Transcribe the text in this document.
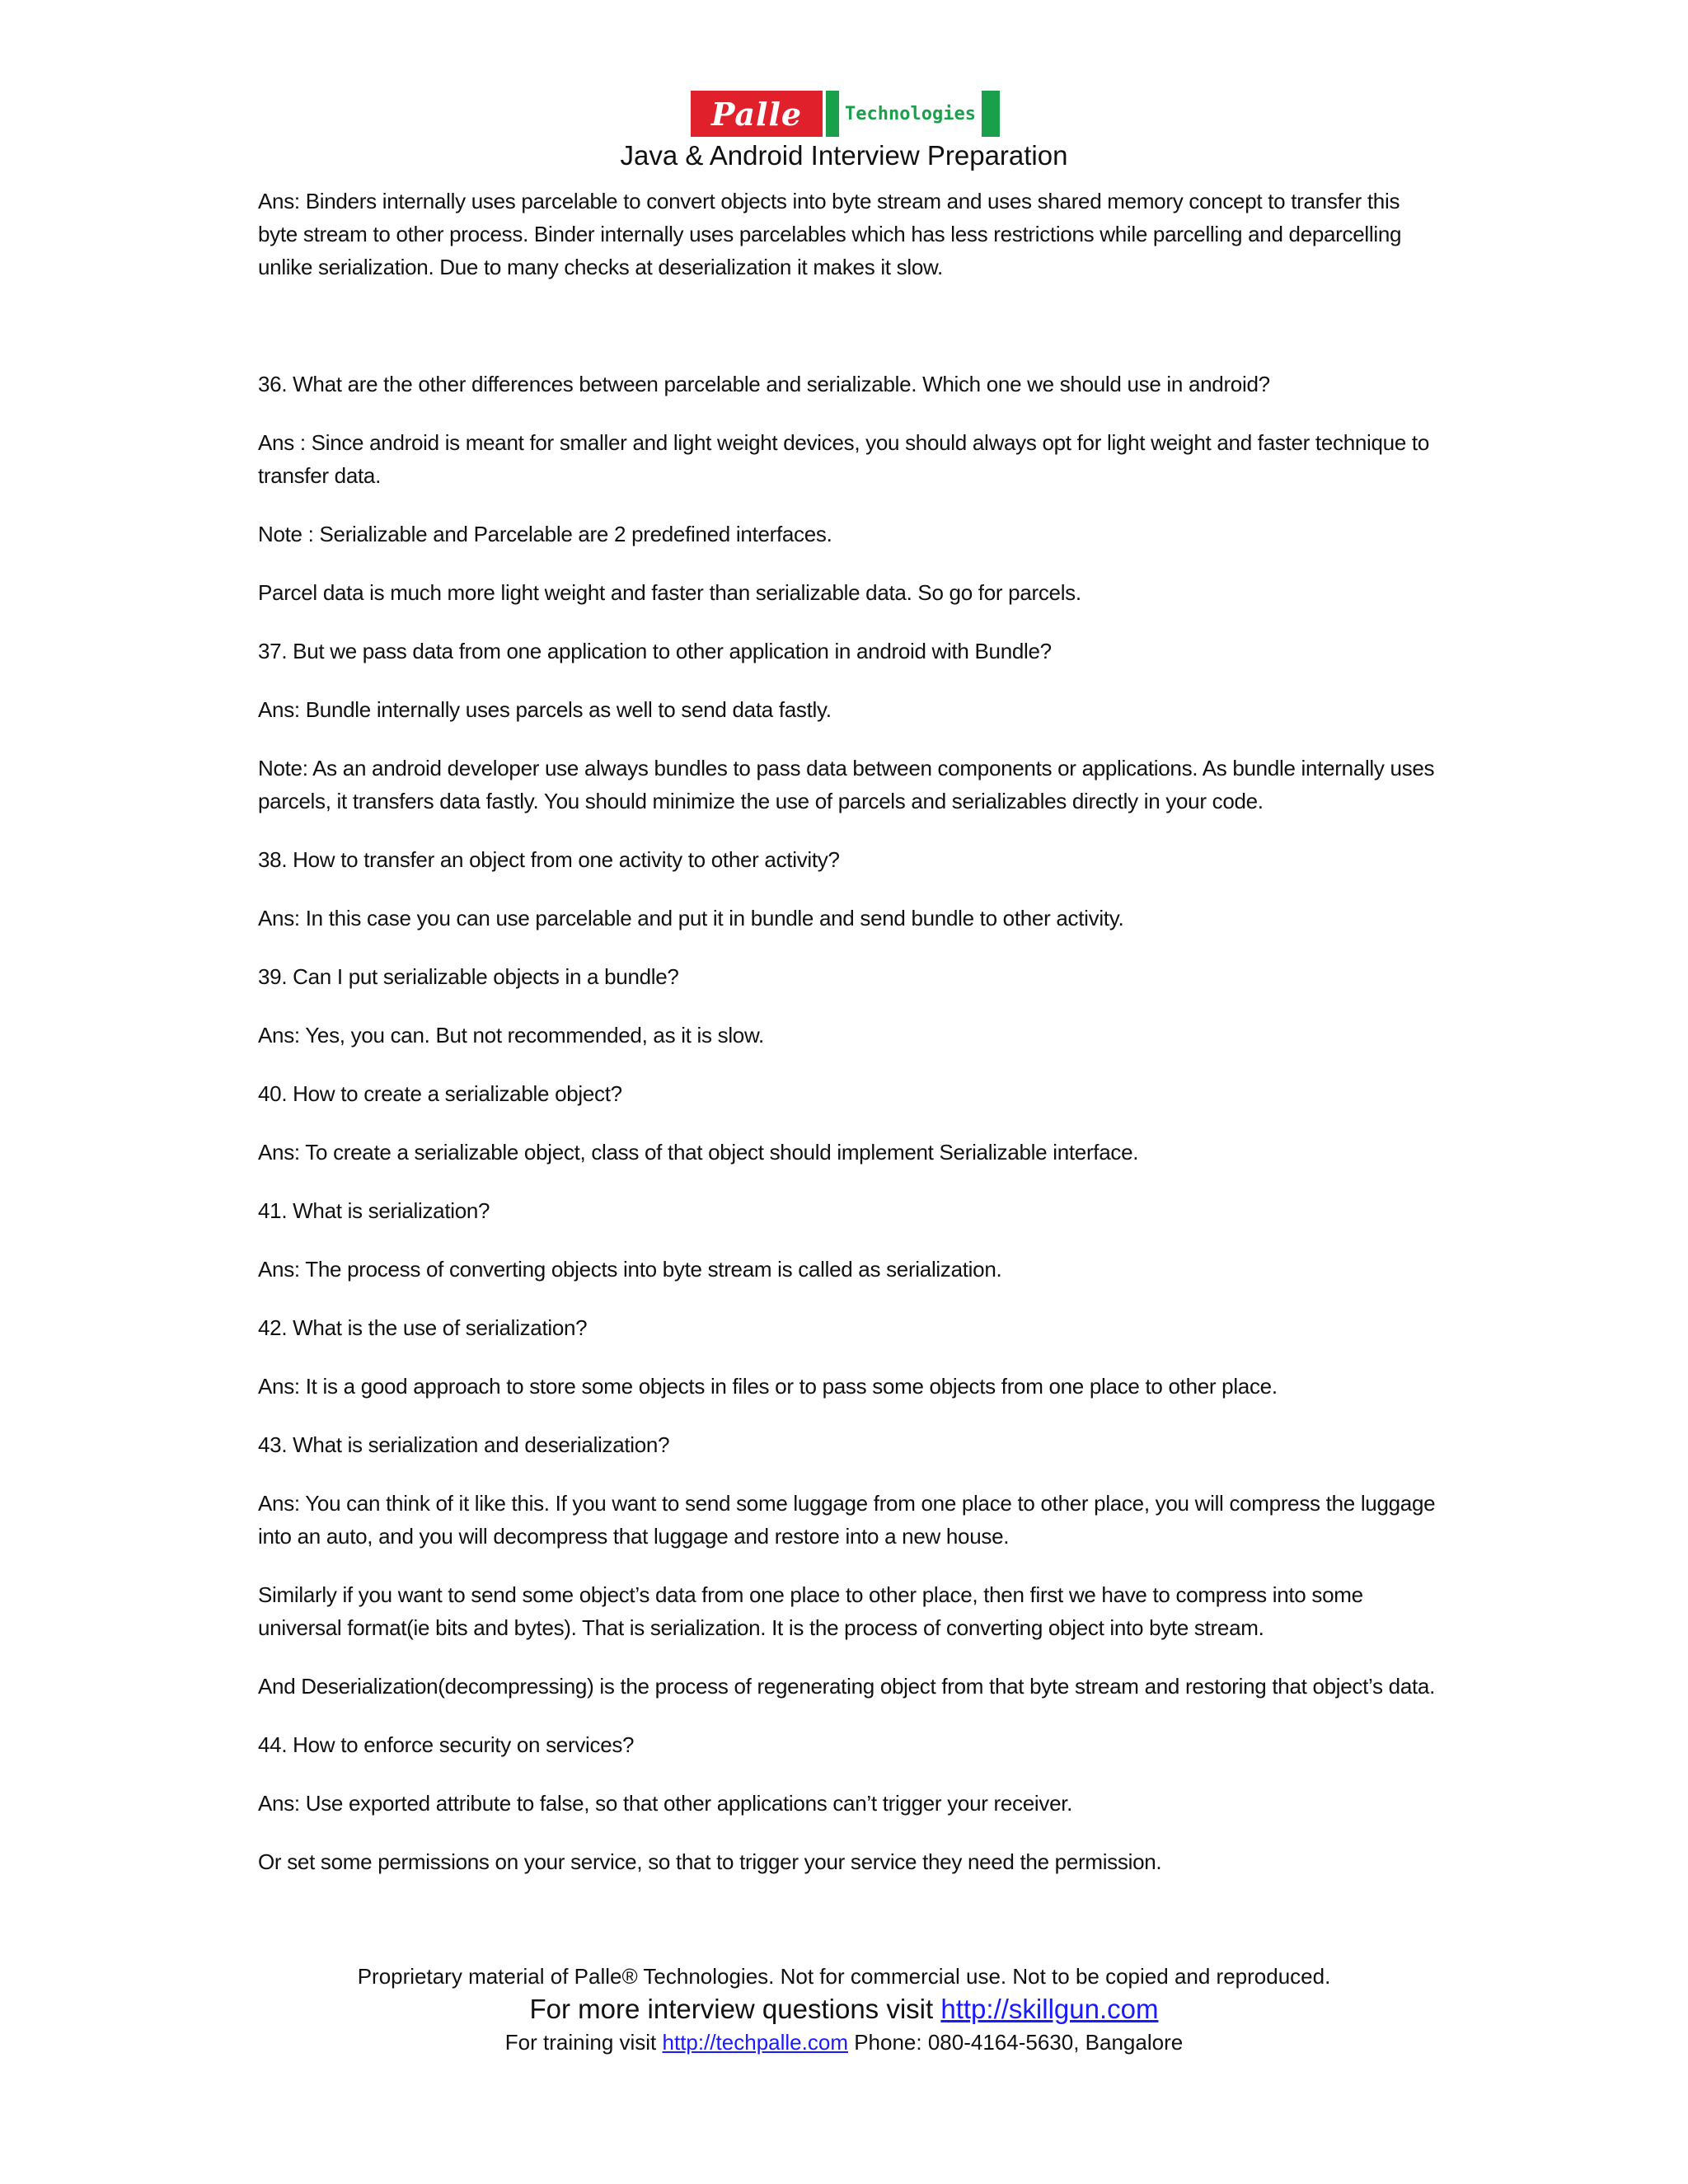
Palle	Technologies
Java & Android Interview Preparation

Ans: Binders internally uses parcelable to convert objects into byte stream and uses shared memory concept to transfer this byte stream to other process. Binder internally uses parcelables which has less restrictions while parcelling and deparcelling unlike serialization. Due to many checks at deserialization it makes it slow.

36. What are the other differences between parcelable and serializable. Which one we should use in android?

Ans : Since android is meant for smaller and light weight devices, you should always opt for light weight and faster technique to transfer data.

Note : Serializable and Parcelable are 2 predefined interfaces.

Parcel data is much more light weight and faster than serializable data. So go for parcels.

37. But we pass data from one application to other application in android with Bundle?

Ans: Bundle internally uses parcels as well to send data fastly.

Note: As an android developer use always bundles to pass data between components or applications. As bundle internally uses parcels, it transfers data fastly. You should minimize the use of parcels and serializables directly in your code.

38. How to transfer an object from one activity to other activity?

Ans: In this case you can use parcelable and put it in bundle and send bundle to other activity.

39. Can I put serializable objects in a bundle?

Ans: Yes, you can. But not recommended, as it is slow.

40. How to create a serializable object?

Ans: To create a serializable object, class of that object should implement Serializable interface.

41. What is serialization?

Ans: The process of converting objects into byte stream is called as serialization.

42. What is the use of serialization?

Ans: It is a good approach to store some objects in files or to pass some objects from one place to other place.

43. What is serialization and deserialization?

Ans: You can think of it like this. If you want to send some luggage from one place to other place, you will compress the luggage into an auto, and you will decompress that luggage and restore into a new house.

Similarly if you want to send some object’s data from one place to other place, then first we have to compress into some universal format(ie bits and bytes). That is serialization. It is the process of converting object into byte stream.

And Deserialization(decompressing) is the process of regenerating object from that byte stream and restoring that object’s data.

44. How to enforce security on services?

Ans: Use exported attribute to false, so that other applications can’t trigger your receiver.

Or set some permissions on your service, so that to trigger your service they need the permission.

Proprietary material of Palle® Technologies. Not for commercial use. Not to be copied and reproduced.
For more interview questions visit http://skillgun.com
For training visit http://techpalle.com Phone: 080-4164-5630, Bangalore
